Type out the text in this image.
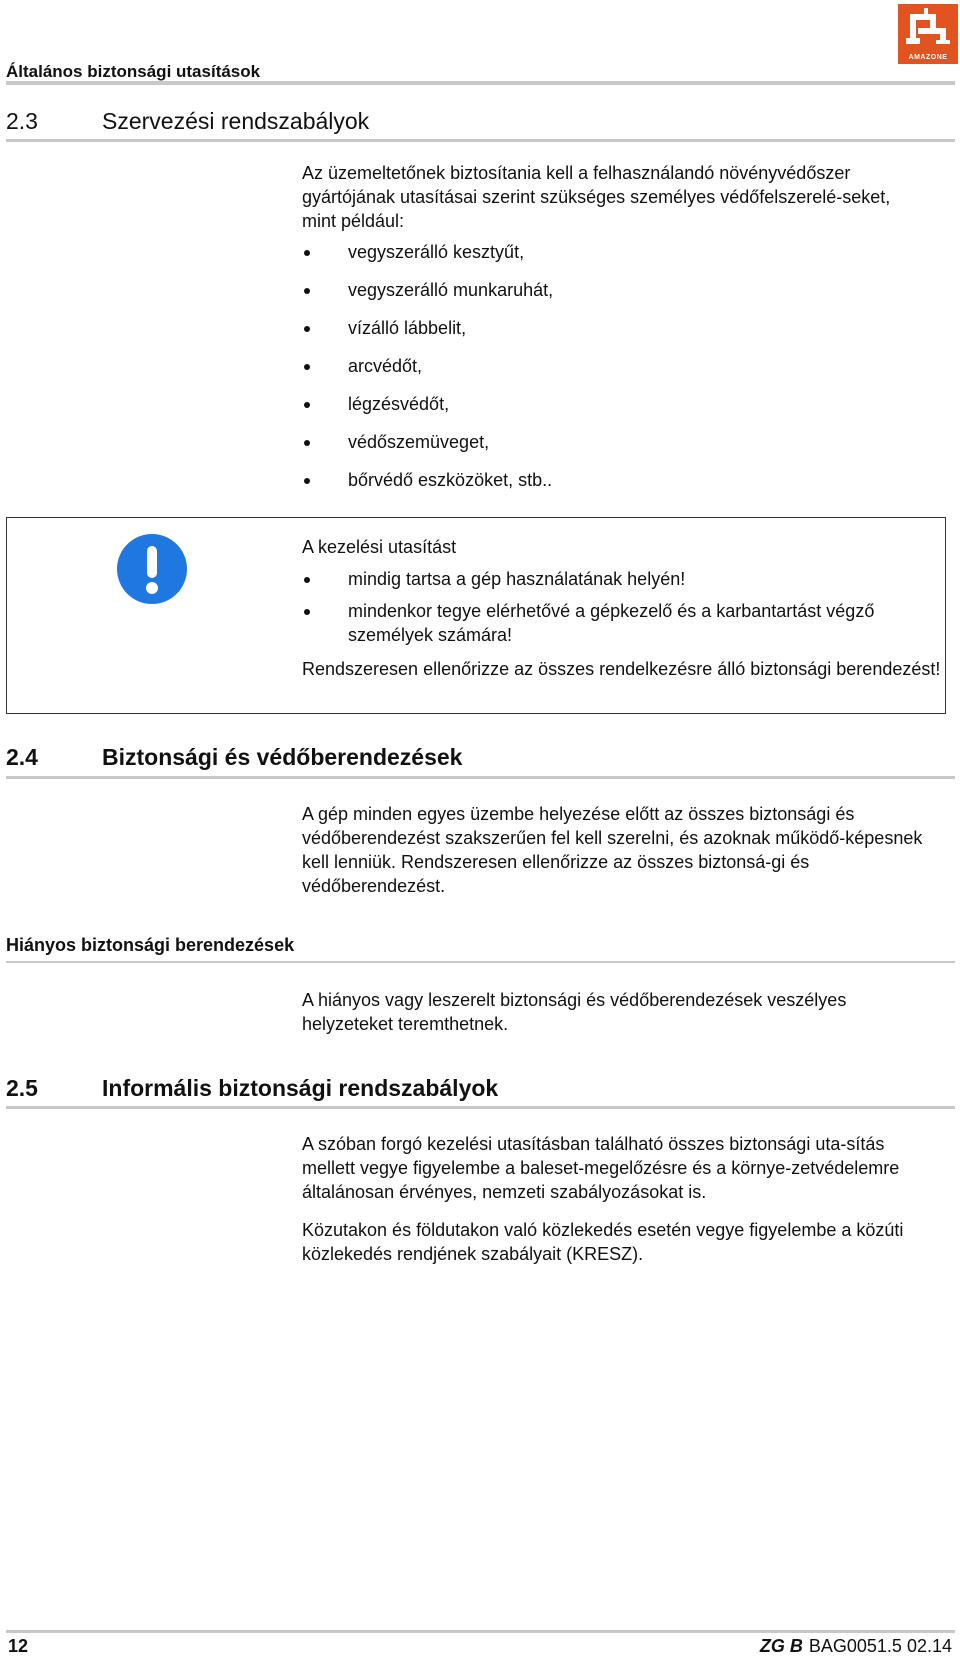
Általános biztonsági utasítások
AMAZONE
2.3	Szervezési rendszabályok
Az üzemeltetőnek biztosítania kell a felhasználandó növényvédőszer gyártójának utasításai szerint szükséges személyes védőfelszerelé-seket, mint például:
vegyszerálló kesztyűt,
vegyszerálló munkaruhát,
vízálló lábbelit,
arcvédőt,
légzésvédőt,
védőszemüveget,
bőrvédő eszközöket, stb..
A kezelési utasítást
mindig tartsa a gép használatának helyén!
mindenkor tegye elérhetővé a gépkezelő és a karbantartást végző személyek számára!
Rendszeresen ellenőrizze az összes rendelkezésre álló biztonsági berendezést!
2.4	Biztonsági és védőberendezések
A gép minden egyes üzembe helyezése előtt az összes biztonsági és védőberendezést szakszerűen fel kell szerelni, és azoknak működő-képesnek kell lenniük. Rendszeresen ellenőrizze az összes biztonsá-gi és védőberendezést.
Hiányos biztonsági berendezések
A hiányos vagy leszerelt biztonsági és védőberendezések veszélyes helyzeteket teremthetnek.
2.5	Informális biztonsági rendszabályok
A szóban forgó kezelési utasításban található összes biztonsági uta-sítás mellett vegye figyelembe a baleset-megelőzésre és a környe-zetvédelemre általánosan érvényes, nemzeti szabályozásokat is.
Közutakon és földutakon való közlekedés esetén vegye figyelembe a közúti közlekedés rendjének szabályait (KRESZ).
12	ZG B BAG0051.5 02.14
